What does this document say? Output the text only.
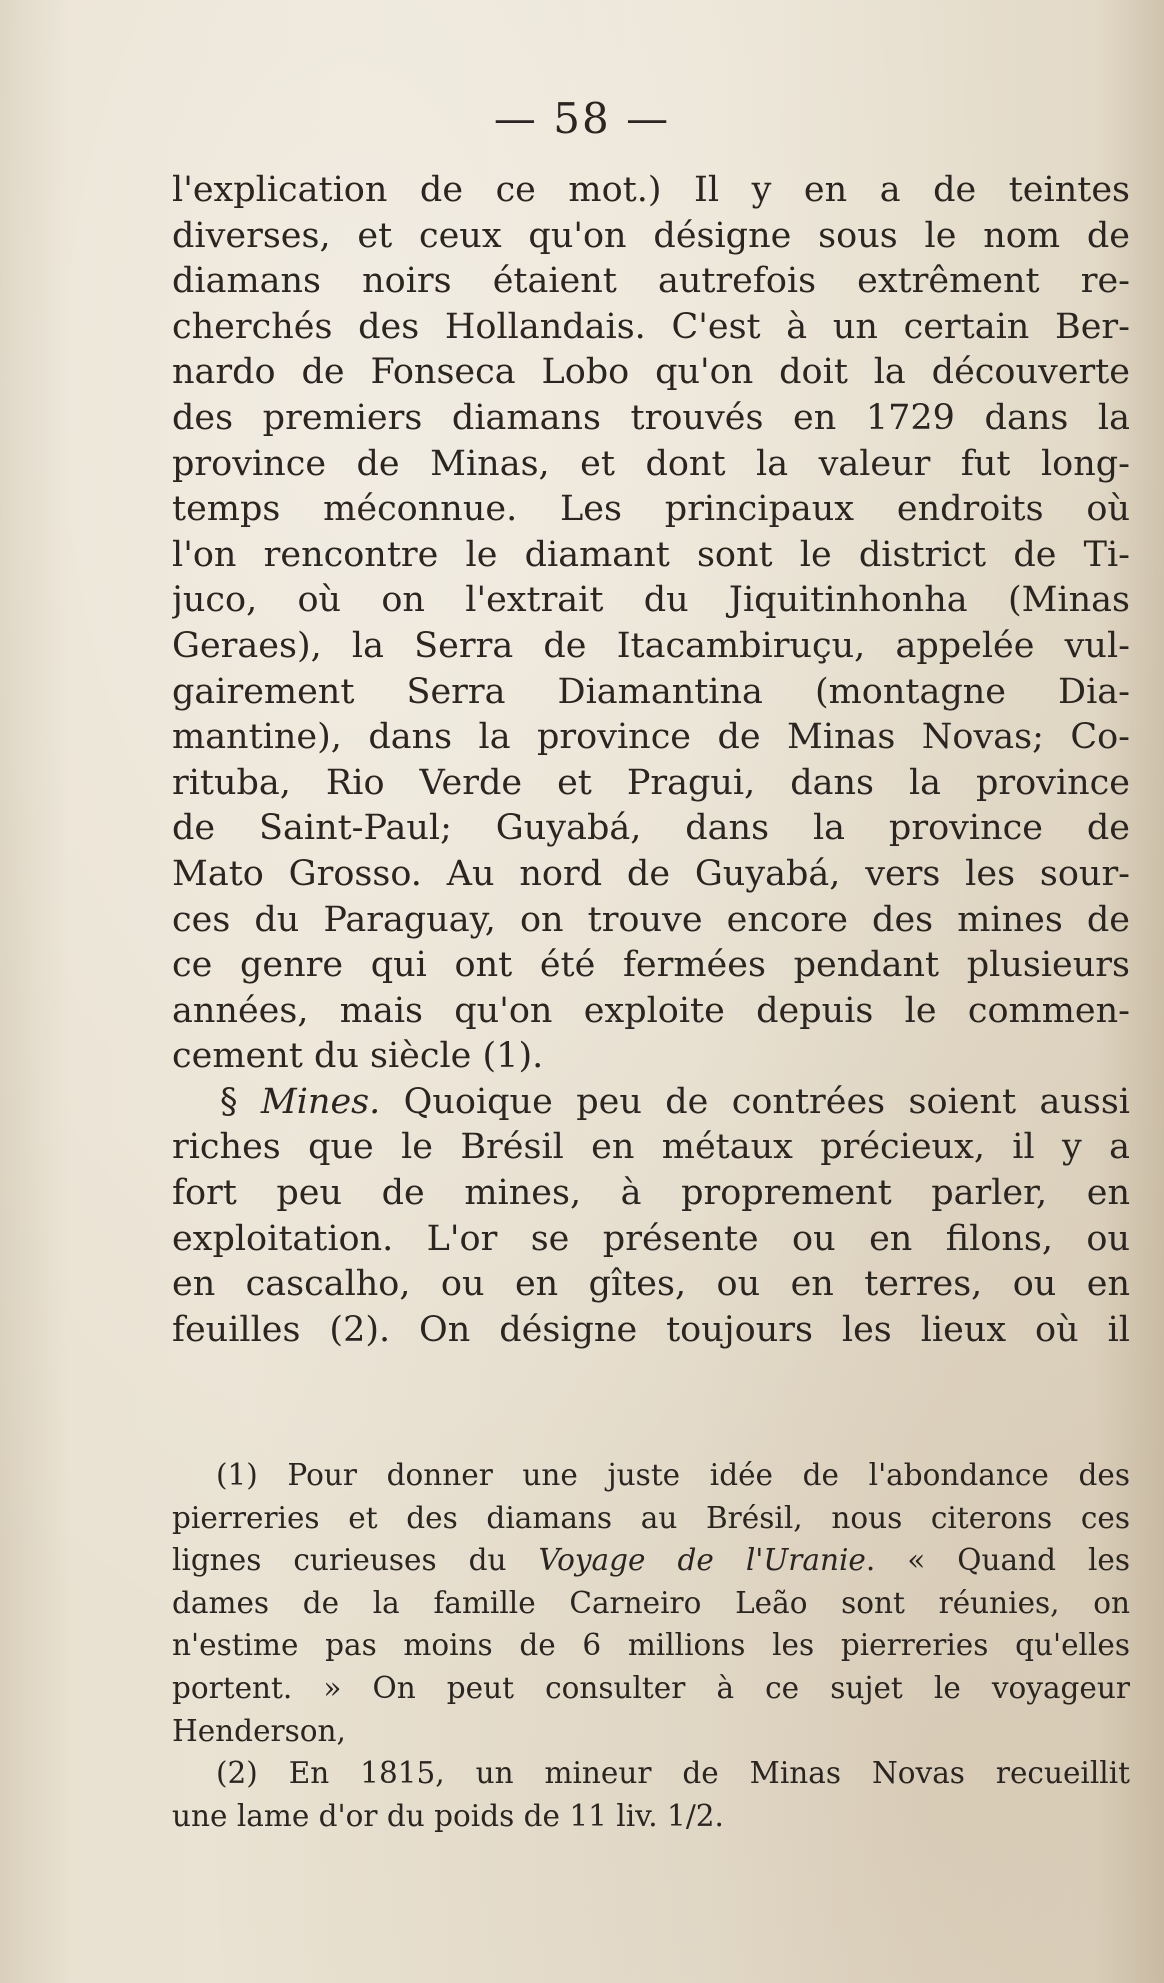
— 58 —
l'explication de ce mot.) Il y en a de teintes
diverses, et ceux qu'on désigne sous le nom de
diamans noirs étaient autrefois extrêment re-
cherchés des Hollandais. C'est à un certain Ber-
nardo de Fonseca Lobo qu'on doit la découverte
des premiers diamans trouvés en 1729 dans la
province de Minas, et dont la valeur fut long-
temps méconnue. Les principaux endroits où
l'on rencontre le diamant sont le district de Ti-
juco, où on l'extrait du Jiquitinhonha (Minas
Geraes), la Serra de Itacambiruçu, appelée vul-
gairement Serra Diamantina (montagne Dia-
mantine), dans la province de Minas Novas; Co-
rituba, Rio Verde et Pragui, dans la province
de Saint-Paul; Guyabá, dans la province de
Mato Grosso. Au nord de Guyabá, vers les sour-
ces du Paraguay, on trouve encore des mines de
ce genre qui ont été fermées pendant plusieurs
années, mais qu'on exploite depuis le commen-
cement du siècle (1).
§ Mines. Quoique peu de contrées soient aussi
riches que le Brésil en métaux précieux, il y a
fort peu de mines, à proprement parler, en
exploitation. L'or se présente ou en filons, ou
en cascalho, ou en gîtes, ou en terres, ou en
feuilles (2). On désigne toujours les lieux où il
(1) Pour donner une juste idée de l'abondance des
pierreries et des diamans au Brésil, nous citerons ces
lignes curieuses du Voyage de l'Uranie. « Quand les
dames de la famille Carneiro Leão sont réunies, on
n'estime pas moins de 6 millions les pierreries qu'elles
portent. » On peut consulter à ce sujet le voyageur
Henderson,
(2) En 1815, un mineur de Minas Novas recueillit
une lame d'or du poids de 11 liv. 1/2.
